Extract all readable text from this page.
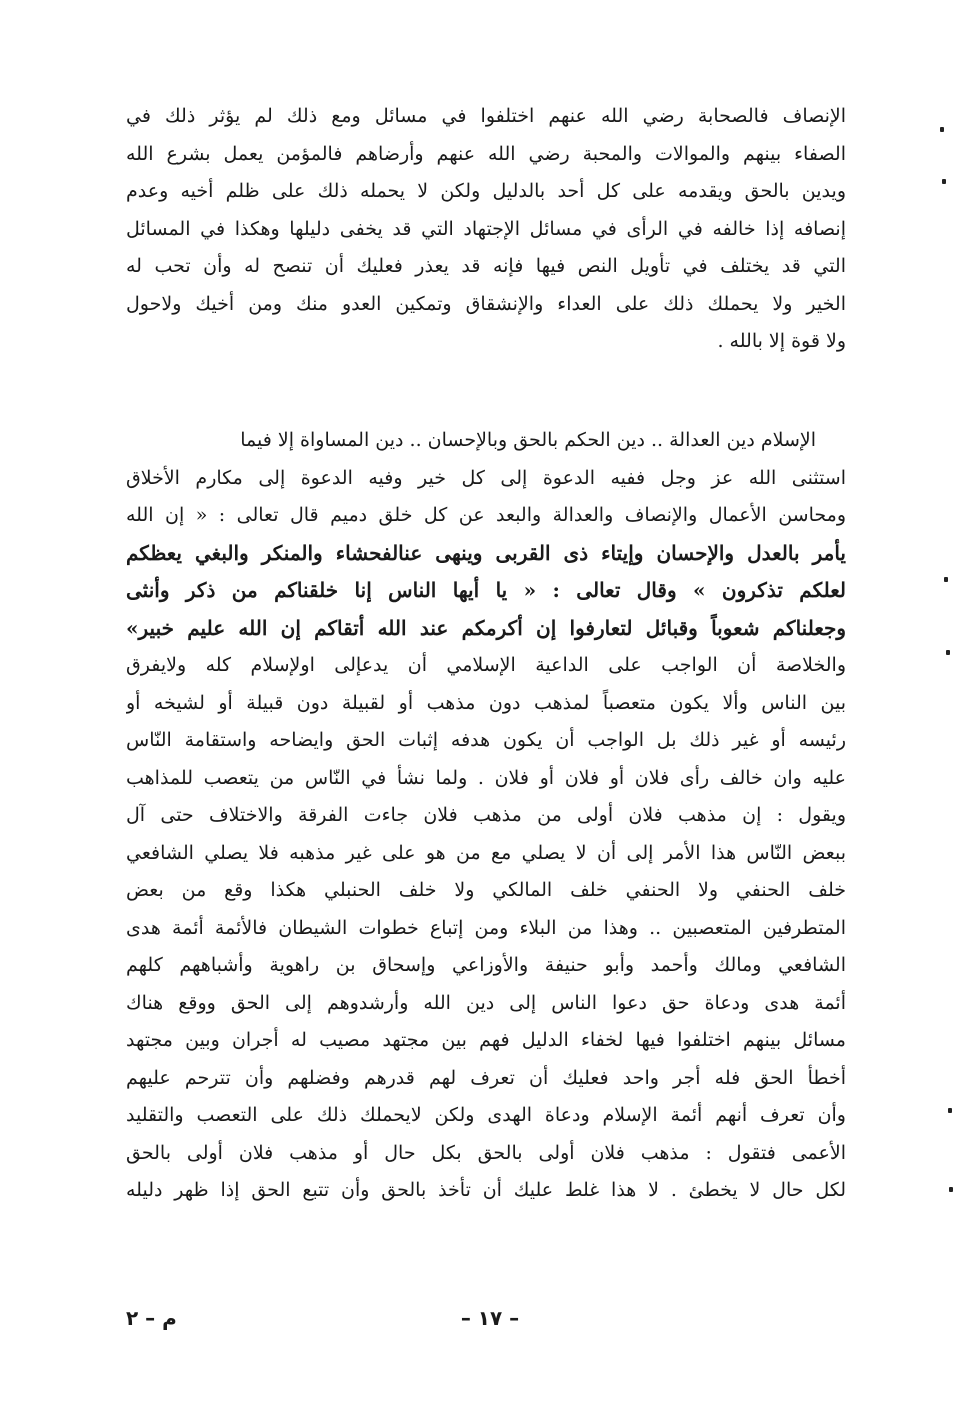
الإنصاف فالصحابة رضي الله عنهم اختلفوا في مسائل ومع ذلك لم يؤثر ذلك في
الصفاء بينهم والموالات والمحبة رضي الله عنهم وأرضاهم فالمؤمن يعمل بشرع الله
ويدين بالحق ويقدمه على كل أحد بالدليل ولكن لا يحمله ذلك على ظلم أخيه وعدم
إنصافه إذا خالفه في الرأى في مسائل الإجتهاد التي قد يخفى دليلها وهكذا في المسائل
التي قد يختلف في تأويل النص فيها فإنه قد يعذر فعليك أن تنصح له وأن تحب له
الخير ولا يحملك ذلك على العداء والإنشقاق وتمكين العدو منك ومن أخيك ولاحول
ولا قوة إلا بالله .
الإسلام دين العدالة .. دين الحكم بالحق وبالإحسان .. دين المساواة إلا فيما
استثنى الله عز وجل ففيه الدعوة إلى كل خير وفيه الدعوة إلى مكارم الأخلاق
ومحاسن الأعمال والإنصاف والعدالة والبعد عن كل خلق دميم قال تعالى : « إن الله
يأمر بالعدل والإحسان وإيتاء ذى القربى وينهى عنالفحشاء والمنكر والبغي يعظكم
لعلكم تذكرون » وقال تعالى : « يا أيها الناس إنا خلقناكم من ذكر وأنثى
وجعلناكم شعوباً وقبائل لتعارفوا إن أكرمكم عند الله أتقاكم إن الله عليم خبير»
والخلاصة أن الواجب على الداعية الإسلامي أن يدعإلى اولإسلام كله ولايفرق
بين الناس وألا يكون متعصباً لمذهب دون مذهب أو لقبيلة دون قبيلة أو لشيخه أو
رئيسه أو غير ذلك بل الواجب أن يكون هدفه إثبات الحق وايضاحه واستقامة النّاس
عليه وان خالف رأى فلان أو فلان أو فلان . ولما نشأ في النّاس من يتعصب للمذاهب
ويقول : إن مذهب فلان أولى من مذهب فلان جاءت الفرقة والاختلاف حتى آل
ببعض النّاس هذا الأمر إلى أن لا يصلي مع من هو على غير مذهبه فلا يصلي الشافعي
خلف الحنفي ولا الحنفي خلف المالكي ولا خلف الحنبلي هكذا وقع من بعض
المتطرفين المتعصبين .. وهذا من البلاء ومن إتباع خطوات الشيطان فالأئمة أئمة هدى
الشافعي ومالك وأحمد وأبو حنيفة والأوزاعي وإسحاق بن راهوية وأشباههم كلهم
أئمة هدى ودعاة حق دعوا الناس إلى دين الله وأرشدوهم إلى الحق ووقع هناك
مسائل بينهم اختلفوا فيها لخفاء الدليل فهم بين مجتهد مصيب له أجران وبين مجتهد
أخطأ الحق فله أجر واحد فعليك أن تعرف لهم قدرهم وفضلهم وأن تترحم عليهم
وأن تعرف أنهم أئمة الإسلام ودعاة الهدى ولكن لايحملك ذلك على التعصب والتقليد
الأعمى فتقول : مذهب فلان أولى بالحق بكل حال أو مذهب فلان أولى بالحق
لكل حال لا يخطئ . لا هذا غلط عليك أن تأخذ بالحق وأن تتبع الحق إذا ظهر دليله
– ١٧ –
م – ٢
